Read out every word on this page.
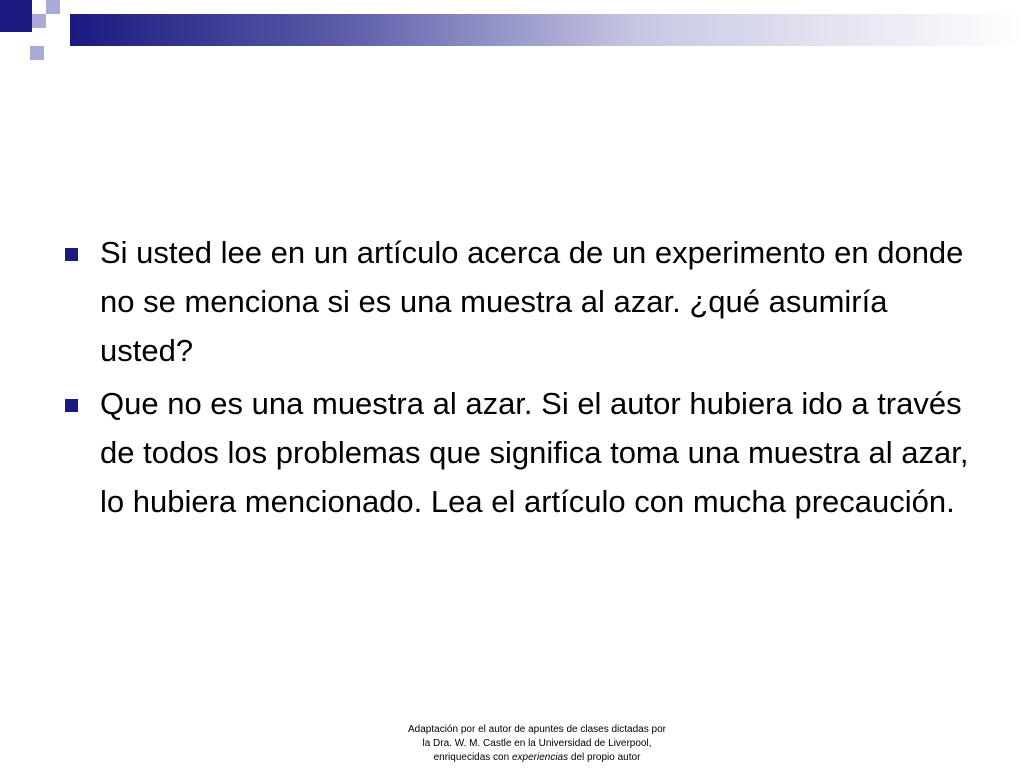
Si usted lee en un artículo acerca de un experimento en donde no se menciona si es una muestra al azar. ¿qué asumiría usted?
Que no es una muestra al azar. Si el autor hubiera ido a través de todos los problemas que significa toma una muestra al azar, lo hubiera mencionado. Lea el artículo con mucha precaución.
Adaptación por el autor de apuntes de clases dictadas por
la Dra. W. M. Castle en la Universidad de Liverpool,
enriquecidas con experiencias del propio autor
